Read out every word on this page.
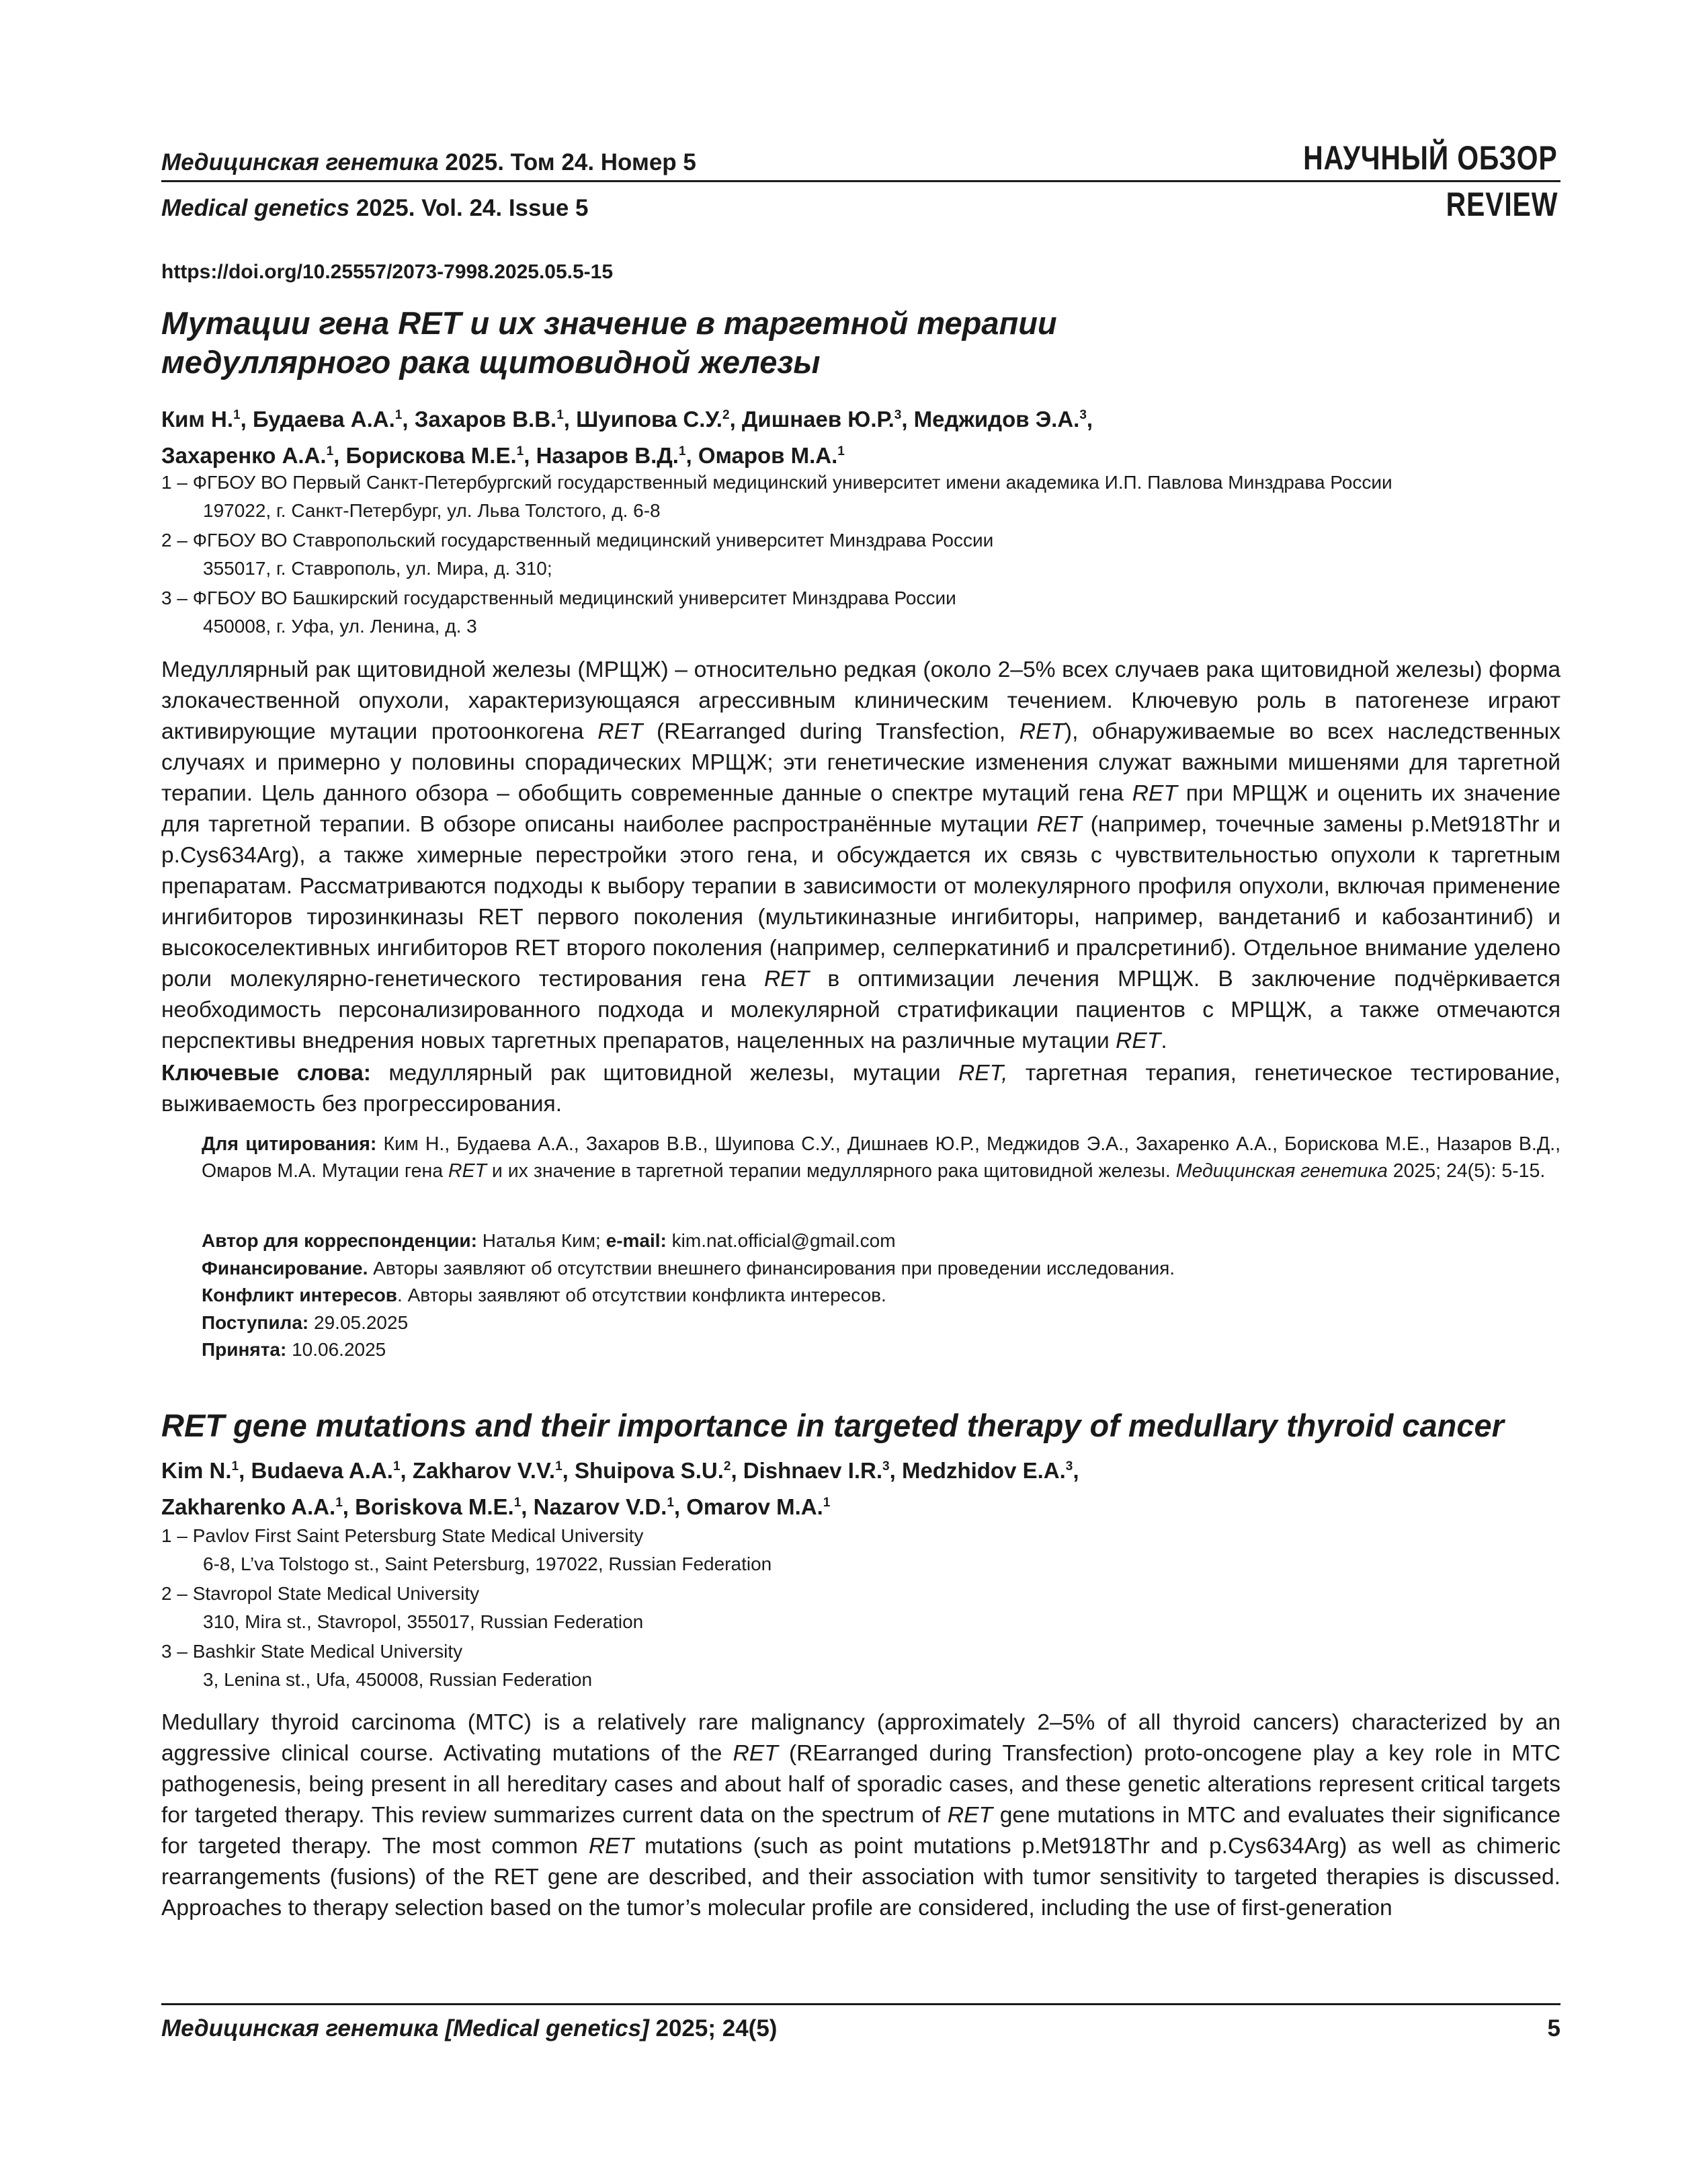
Медицинская генетика 2025. Том 24. Номер 5
Medical genetics 2025. Vol. 24. Issue 5
НАУЧНЫЙ ОБЗОР
REVIEW
https://doi.org/10.25557/2073-7998.2025.05.5-15
Мутации гена RET и их значение в таргетной терапии
медуллярного рака щитовидной железы
Ким Н.$^1$, Будаева А.А.$^1$, Захаров В.В.$^1$, Шуипова С.У.$^2$, Дишнаев Ю.Р.$^3$, Меджидов Э.А.$^3$,
Захаренко А.А.$^1$, Борискова М.Е.$^1$, Назаров В.Д.$^1$, Омаров М.А.$^1$
1 – ФГБОУ ВО Первый Санкт-Петербургский государственный медицинский университет имени академика И.П. Павлова Минздрава России
197022, г. Санкт-Петербург, ул. Льва Толстого, д. 6-8
2 – ФГБОУ ВО Ставропольский государственный медицинский университет Минздрава России
355017, г. Ставрополь, ул. Мира, д. 310;
3 – ФГБОУ ВО Башкирский государственный медицинский университет Минздрава России
450008, г. Уфа, ул. Ленина, д. 3
Медуллярный рак щитовидной железы (МРЩЖ) – относительно редкая (около 2–5% всех случаев рака щитовидной железы) форма злокачественной опухоли, характеризующаяся агрессивным клиническим течением. Ключевую роль в патогенезе играют активирующие мутации протоонкогена RET (REarranged during Transfection, RET), обнаруживаемые во всех наследственных случаях и примерно у половины спорадических МРЩЖ; эти генетические изменения служат важными мишенями для таргетной терапии. Цель данного обзора – обобщить современные данные о спектре мутаций гена RET при МРЩЖ и оценить их значение для таргетной терапии. В обзоре описаны наиболее распространённые мутации RET (например, точечные замены p.Met918Thr и p.Cys634Arg), а также химерные перестройки этого гена, и обсуждается их связь с чувствительностью опухоли к таргетным препаратам. Рассматриваются подходы к выбору терапии в зависимости от молекулярного профиля опухоли, включая применение ингибиторов тирозинкиназы RET первого поколения (мультикиназные ингибиторы, например, вандетаниб и кабозантиниб) и высокоселективных ингибиторов RET второго поколения (например, селперкатиниб и пралсретиниб). Отдельное внимание уделено роли молекулярно-генетического тестирования гена RET в оптимизации лечения МРЩЖ. В заключение подчёркивается необходимость персонализированного подхода и молекулярной стратификации пациентов с МРЩЖ, а также отмечаются перспективы внедрения новых таргетных препаратов, нацеленных на различные мутации RET.
Ключевые слова: медуллярный рак щитовидной железы, мутации RET, таргетная терапия, генетическое тестирование, выживаемость без прогрессирования.
Для цитирования: Ким Н., Будаева А.А., Захаров В.В., Шуипова С.У., Дишнаев Ю.Р., Меджидов Э.А., Захаренко А.А., Борискова М.Е., Назаров В.Д., Омаров М.А. Мутации гена RET и их значение в таргетной терапии медуллярного рака щитовидной железы. Медицинская генетика 2025; 24(5): 5-15.
Автор для корреспонденции: Наталья Ким; e-mail: kim.nat.official@gmail.com
Финансирование. Авторы заявляют об отсутствии внешнего финансирования при проведении исследования.
Конфликт интересов. Авторы заявляют об отсутствии конфликта интересов.
Поступила: 29.05.2025
Принята: 10.06.2025
RET gene mutations and their importance in targeted therapy of medullary thyroid cancer
Kim N.$^1$, Budaeva A.A.$^1$, Zakharov V.V.$^1$, Shuipova S.U.$^2$, Dishnaev I.R.$^3$, Medzhidov E.A.$^3$,
Zakharenko A.A.$^1$, Boriskova M.E.$^1$, Nazarov V.D.$^1$, Omarov M.A.$^1$
1 – Pavlov First Saint Petersburg State Medical University
6-8, L’va Tolstogo st., Saint Petersburg, 197022, Russian Federation
2 – Stavropol State Medical University
310, Mira st., Stavropol, 355017, Russian Federation
3 – Bashkir State Medical University
3, Lenina st., Ufa, 450008, Russian Federation
Medullary thyroid carcinoma (MTC) is a relatively rare malignancy (approximately 2–5% of all thyroid cancers) characterized by an aggressive clinical course. Activating mutations of the RET (REarranged during Transfection) proto-oncogene play a key role in MTC pathogenesis, being present in all hereditary cases and about half of sporadic cases, and these genetic alterations represent critical targets for targeted therapy. This review summarizes current data on the spectrum of RET gene mutations in MTC and evaluates their significance for targeted therapy. The most common RET mutations (such as point mutations p.Met918Thr and p.Cys634Arg) as well as chimeric rearrangements (fusions) of the RET gene are described, and their association with tumor sensitivity to targeted therapies is discussed. Approaches to therapy selection based on the tumor’s molecular profile are considered, including the use of first-generation
Медицинская генетика [Medical genetics] 2025; 24(5)	5
